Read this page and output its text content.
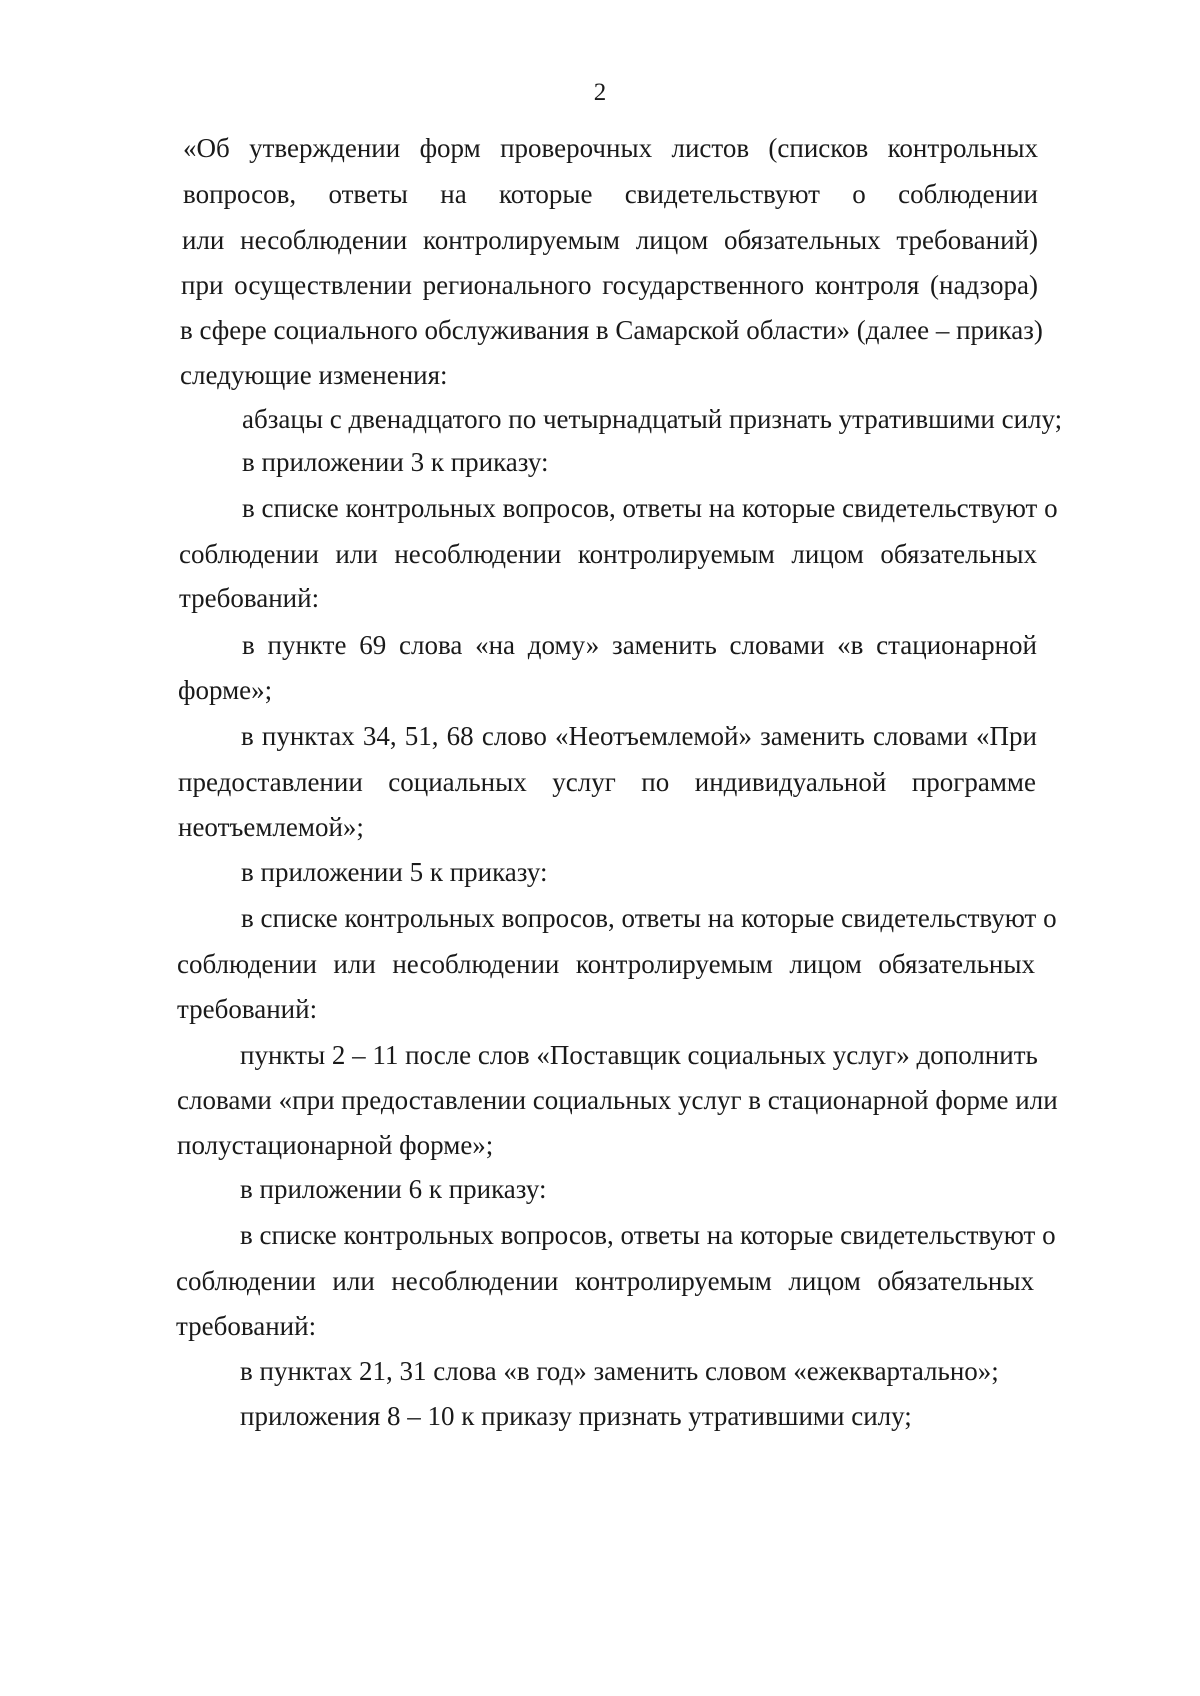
2
«Об утверждении форм проверочных листов (списков контрольных
вопросов, ответы на которые свидетельствуют о соблюдении
или несоблюдении контролируемым лицом обязательных требований)
при осуществлении регионального государственного контроля (надзора)
в сфере социального обслуживания в Самарской области» (далее – приказ)
следующие изменения:
абзацы с двенадцатого по четырнадцатый признать утратившими силу;
в приложении 3 к приказу:
в списке контрольных вопросов, ответы на которые свидетельствуют о
соблюдении или несоблюдении контролируемым лицом обязательных
требований:
в пункте 69 слова «на дому» заменить словами «в стационарной
форме»;
в пунктах 34, 51, 68 слово «Неотъемлемой» заменить словами «При
предоставлении социальных услуг по индивидуальной программе
неотъемлемой»;
в приложении 5 к приказу:
в списке контрольных вопросов, ответы на которые свидетельствуют о
соблюдении или несоблюдении контролируемым лицом обязательных
требований:
пункты 2 – 11 после слов «Поставщик социальных услуг» дополнить
словами «при предоставлении социальных услуг в стационарной форме или
полустационарной форме»;
в приложении 6 к приказу:
в списке контрольных вопросов, ответы на которые свидетельствуют о
соблюдении или несоблюдении контролируемым лицом обязательных
требований:
в пунктах 21, 31 слова «в год» заменить словом «ежеквартально»;
приложения 8 – 10 к приказу признать утратившими силу;
